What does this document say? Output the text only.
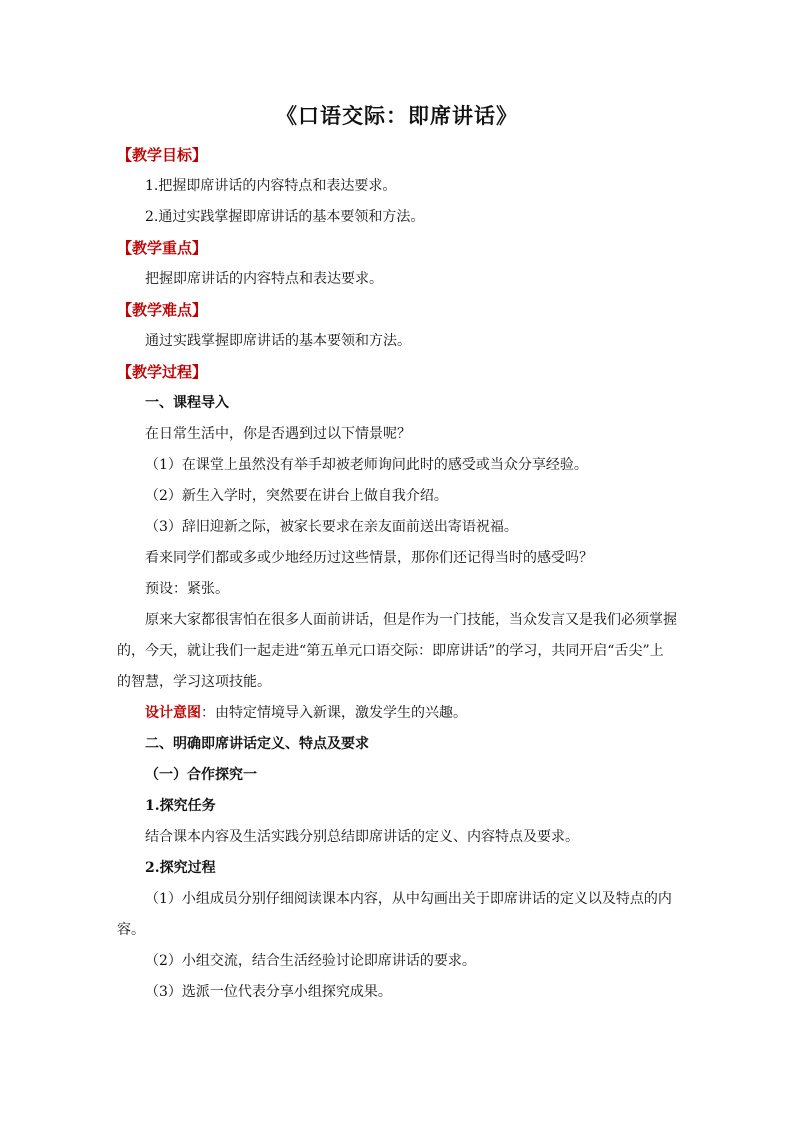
《口语交际：即席讲话》

【教学目标】

1.把握即席讲话的内容特点和表达要求。

2.通过实践掌握即席讲话的基本要领和方法。

【教学重点】

把握即席讲话的内容特点和表达要求。

【教学难点】

通过实践掌握即席讲话的基本要领和方法。

【教学过程】

一、课程导入

在日常生活中，你是否遇到过以下情景呢？

（1）在课堂上虽然没有举手却被老师询问此时的感受或当众分享经验。

（2）新生入学时，突然要在讲台上做自我介绍。

（3）辞旧迎新之际，被家长要求在亲友面前送出寄语祝福。

看来同学们都或多或少地经历过这些情景，那你们还记得当时的感受吗？

预设：紧张。

原来大家都很害怕在很多人面前讲话，但是作为一门技能，当众发言又是我们必须掌握的，今天，就让我们一起走进“第五单元口语交际：即席讲话”的学习，共同开启“舌尖”上的智慧，学习这项技能。

设计意图：由特定情境导入新课，激发学生的兴趣。

二、明确即席讲话定义、特点及要求

（一）合作探究一

1.探究任务

结合课本内容及生活实践分别总结即席讲话的定义、内容特点及要求。

2.探究过程

（1）小组成员分别仔细阅读课本内容，从中勾画出关于即席讲话的定义以及特点的内容。

（2）小组交流，结合生活经验讨论即席讲话的要求。

（3）选派一位代表分享小组探究成果。
